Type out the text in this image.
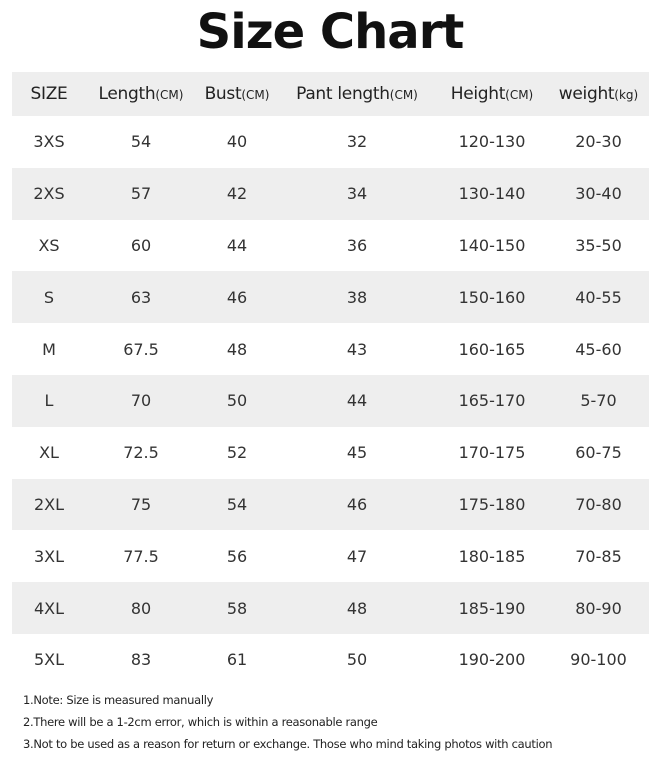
Size Chart
SIZE	Length(CM)	Bust(CM)	Pant length(CM)	Height(CM)	weight(kg)
3XS	54	40	32	120-130	20-30
2XS	57	42	34	130-140	30-40
XS	60	44	36	140-150	35-50
S	63	46	38	150-160	40-55
M	67.5	48	43	160-165	45-60
L	70	50	44	165-170	5-70
XL	72.5	52	45	170-175	60-75
2XL	75	54	46	175-180	70-80
3XL	77.5	56	47	180-185	70-85
4XL	80	58	48	185-190	80-90
5XL	83	61	50	190-200	90-100
1.Note: Size is measured manually
2.There will be a 1-2cm error, which is within a reasonable range
3.Not to be used as a reason for return or exchange. Those who mind taking photos with caution
